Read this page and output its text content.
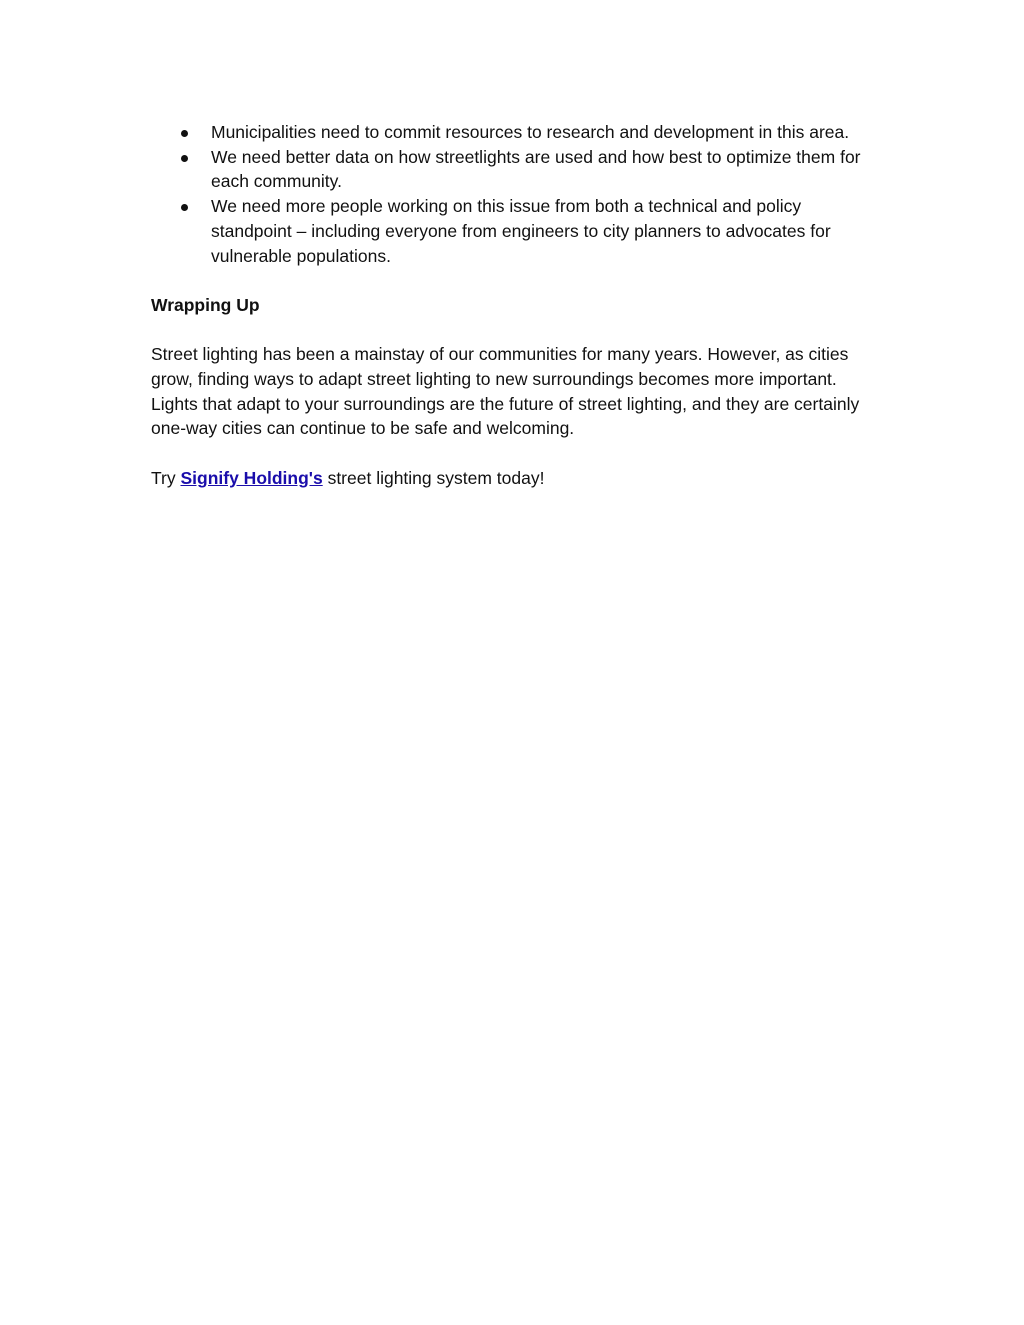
Municipalities need to commit resources to research and development in this area.
We need better data on how streetlights are used and how best to optimize them for each community.
We need more people working on this issue from both a technical and policy standpoint – including everyone from engineers to city planners to advocates for vulnerable populations.
Wrapping Up

Street lighting has been a mainstay of our communities for many years. However, as cities grow, finding ways to adapt street lighting to new surroundings becomes more important. Lights that adapt to your surroundings are the future of street lighting, and they are certainly one-way cities can continue to be safe and welcoming.

Try Signify Holding's street lighting system today!
